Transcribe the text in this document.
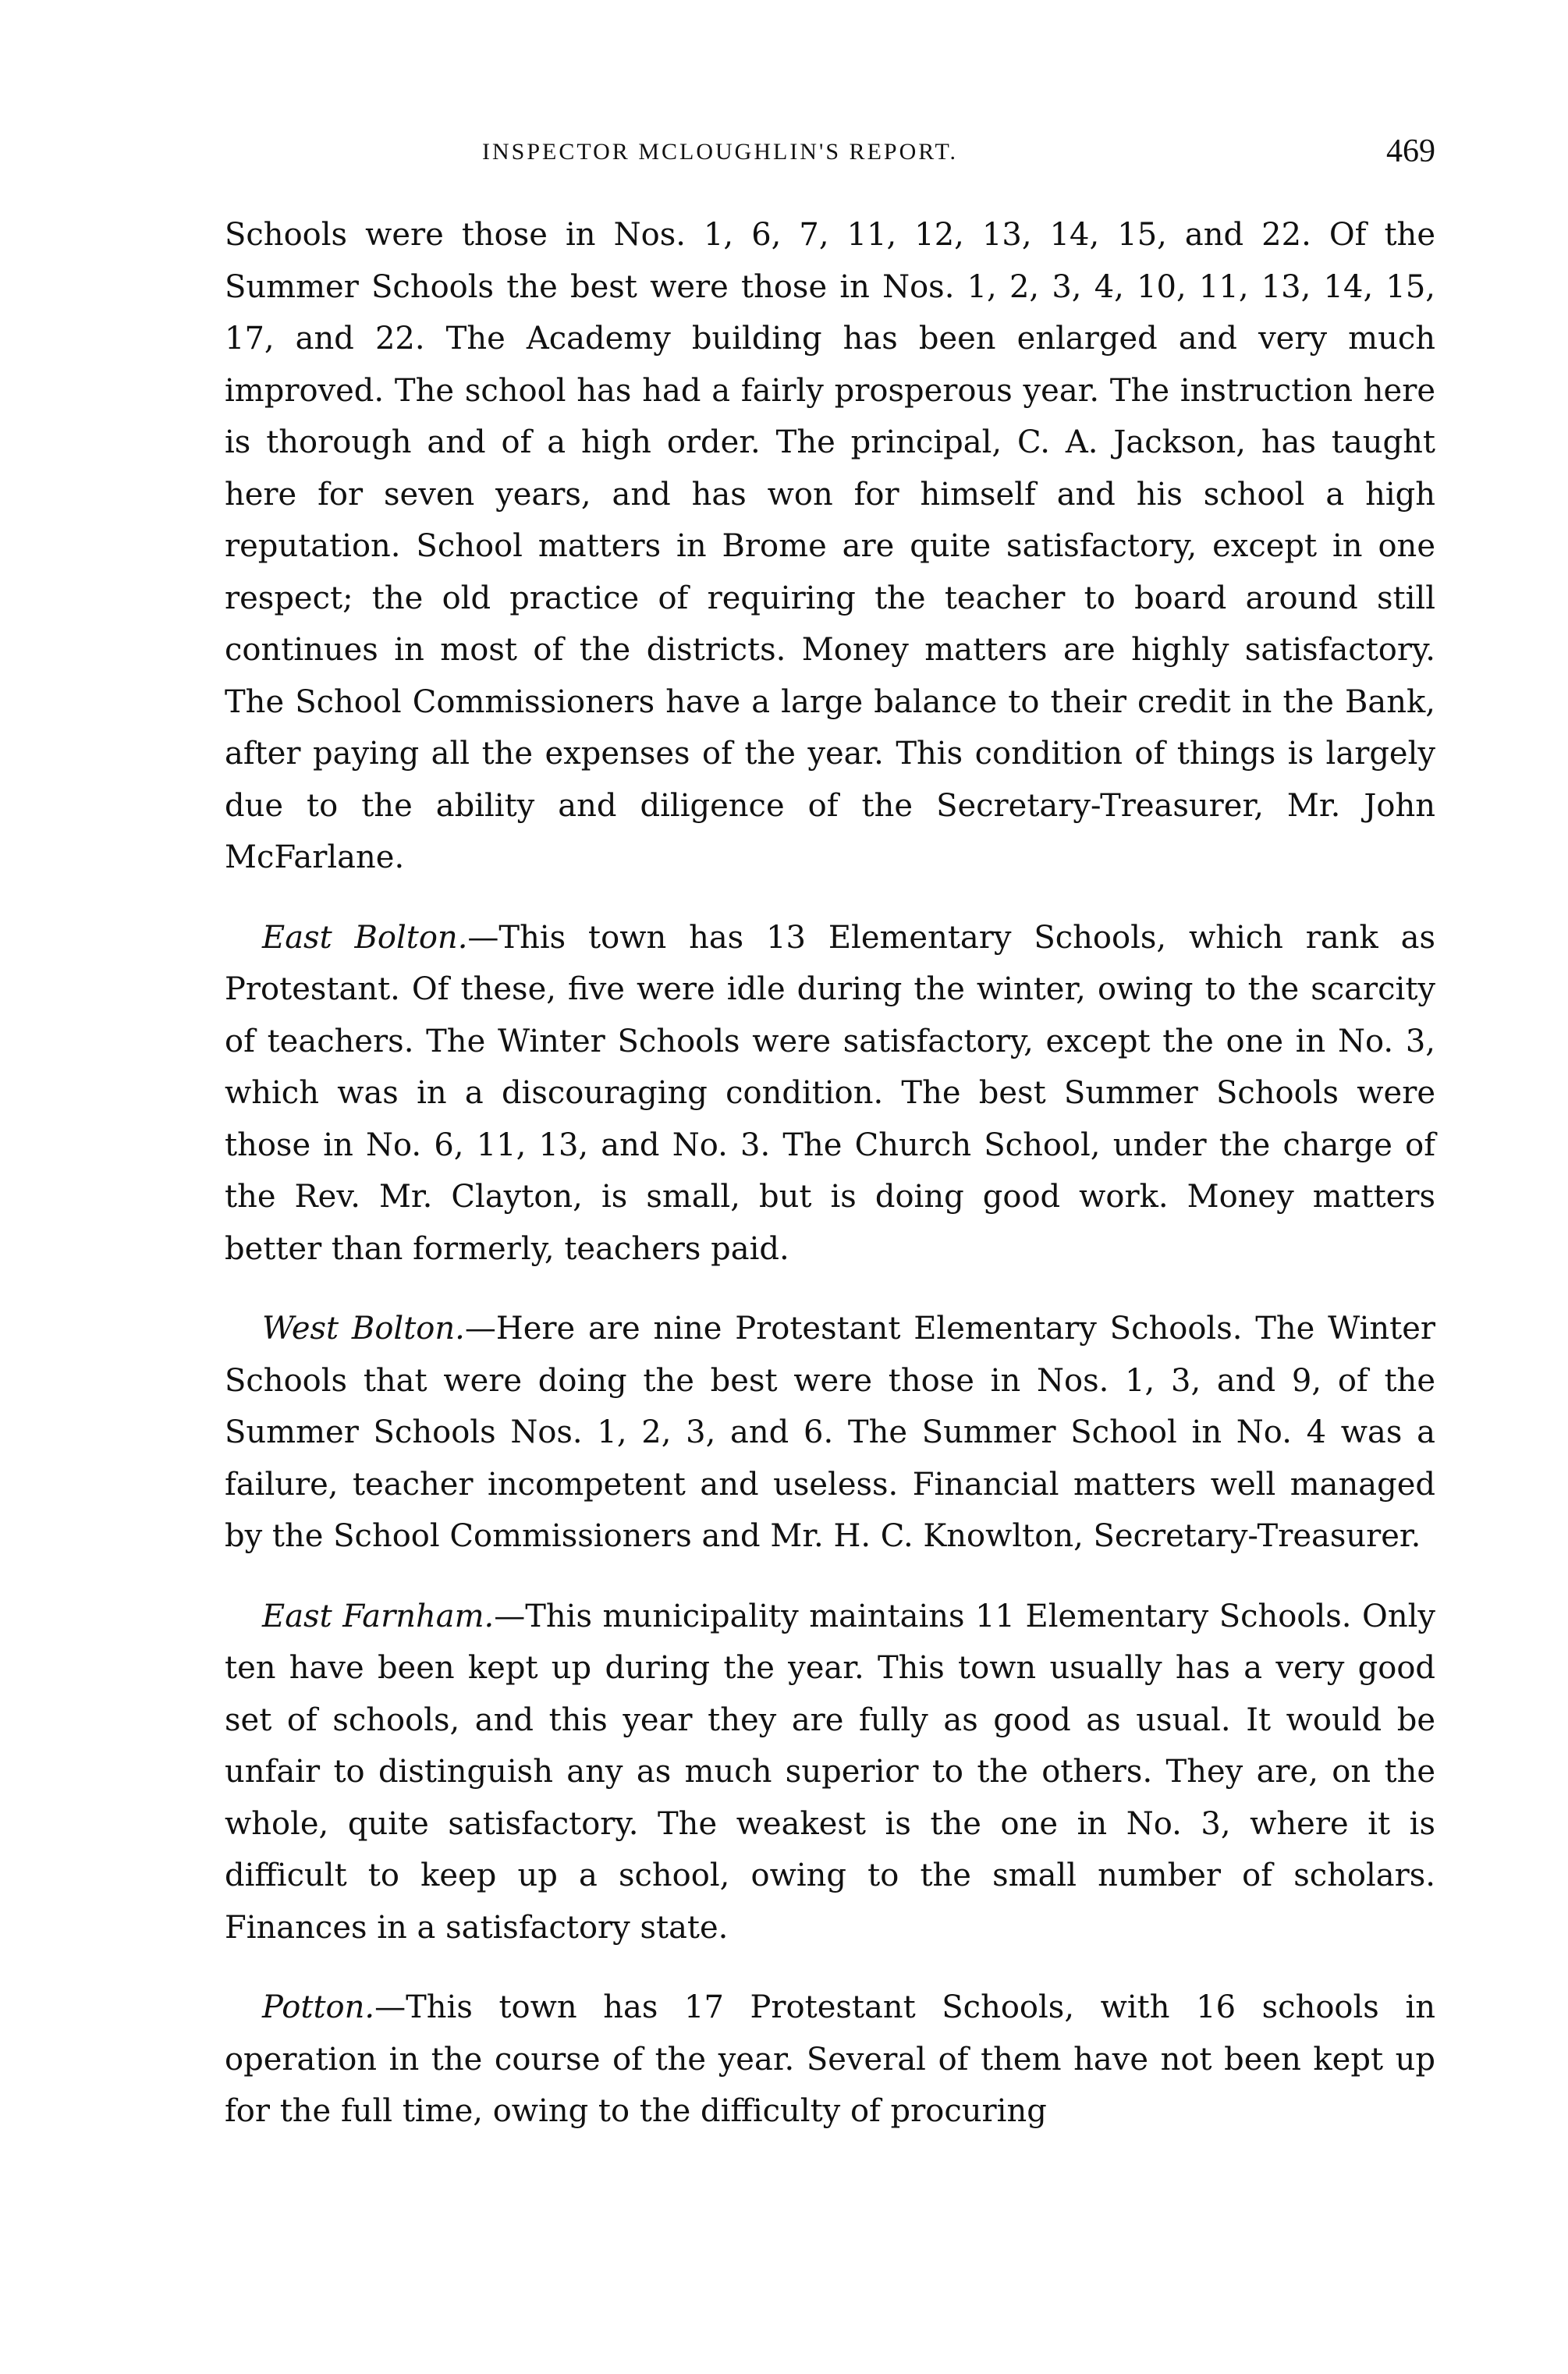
INSPECTOR MCLOUGHLIN'S REPORT.	469

Schools were those in Nos. 1, 6, 7, 11, 12, 13, 14, 15, and 22. Of the Summer Schools the best were those in Nos. 1, 2, 3, 4, 10, 11, 13, 14, 15, 17, and 22. The Academy building has been enlarged and very much improved. The school has had a fairly prosperous year. The instruction here is thorough and of a high order. The principal, C. A. Jackson, has taught here for seven years, and has won for himself and his school a high reputation. School matters in Brome are quite satisfactory, except in one respect; the old practice of requiring the teacher to board around still continues in most of the districts. Money matters are highly satisfactory. The School Commissioners have a large balance to their credit in the Bank, after paying all the expenses of the year. This condition of things is largely due to the ability and diligence of the Secretary-Treasurer, Mr. John McFarlane.

East Bolton.—This town has 13 Elementary Schools, which rank as Protestant. Of these, five were idle during the winter, owing to the scarcity of teachers. The Winter Schools were satisfactory, except the one in No. 3, which was in a discouraging condition. The best Summer Schools were those in No. 6, 11, 13, and No. 3. The Church School, under the charge of the Rev. Mr. Clayton, is small, but is doing good work. Money matters better than formerly, teachers paid.

West Bolton.—Here are nine Protestant Elementary Schools. The Winter Schools that were doing the best were those in Nos. 1, 3, and 9, of the Summer Schools Nos. 1, 2, 3, and 6. The Summer School in No. 4 was a failure, teacher incompetent and useless. Financial matters well managed by the School Commissioners and Mr. H. C. Knowlton, Secretary-Treasurer.

East Farnham.—This municipality maintains 11 Elementary Schools. Only ten have been kept up during the year. This town usually has a very good set of schools, and this year they are fully as good as usual. It would be unfair to distinguish any as much superior to the others. They are, on the whole, quite satisfactory. The weakest is the one in No. 3, where it is difficult to keep up a school, owing to the small number of scholars. Finances in a satisfactory state.

Potton.—This town has 17 Protestant Schools, with 16 schools in operation in the course of the year. Several of them have not been kept up for the full time, owing to the difficulty of procuring
